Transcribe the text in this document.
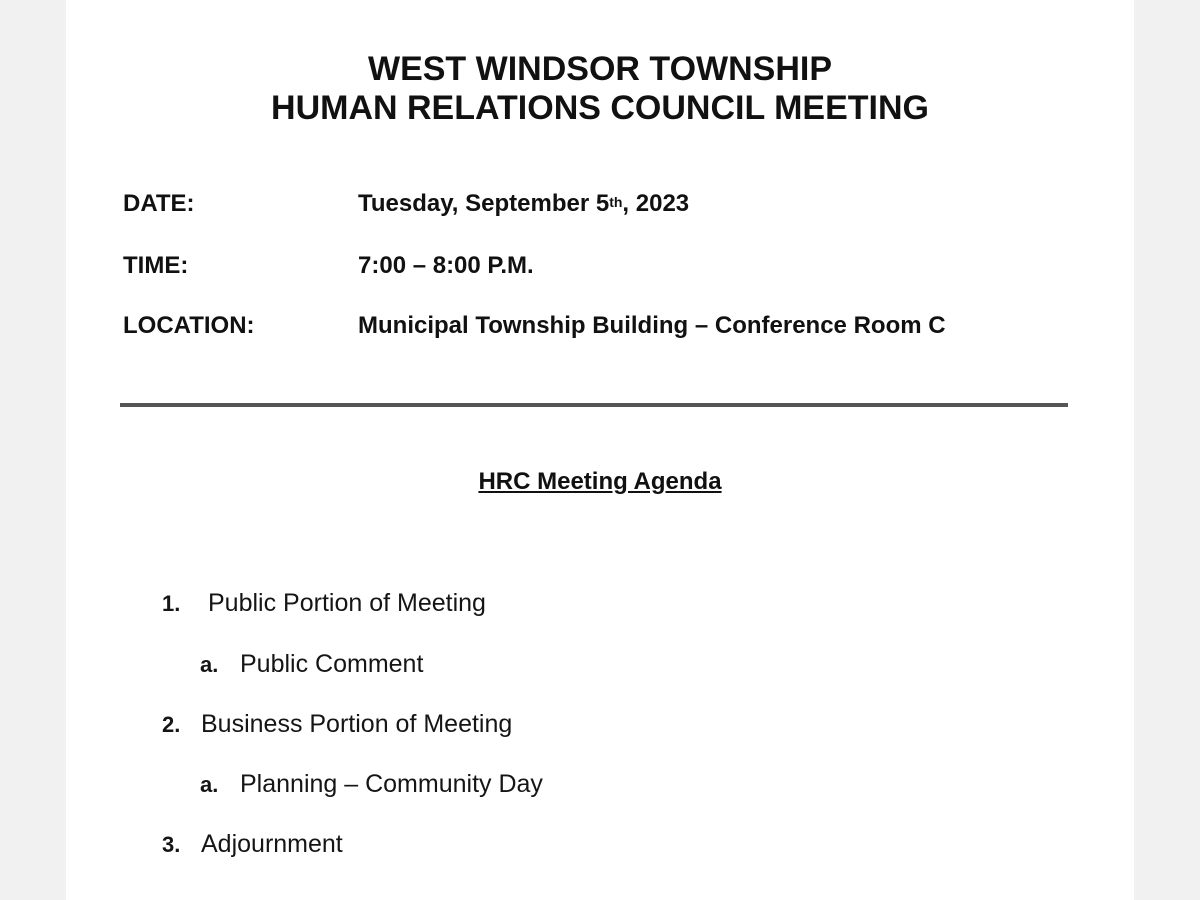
WEST WINDSOR TOWNSHIP
HUMAN RELATIONS COUNCIL MEETING
DATE:	Tuesday, September 5th, 2023
TIME:	7:00 – 8:00 P.M.
LOCATION:	Municipal Township Building – Conference Room C
HRC Meeting Agenda
1. Public Portion of Meeting
a. Public Comment
2. Business Portion of Meeting
a. Planning – Community Day
3. Adjournment
